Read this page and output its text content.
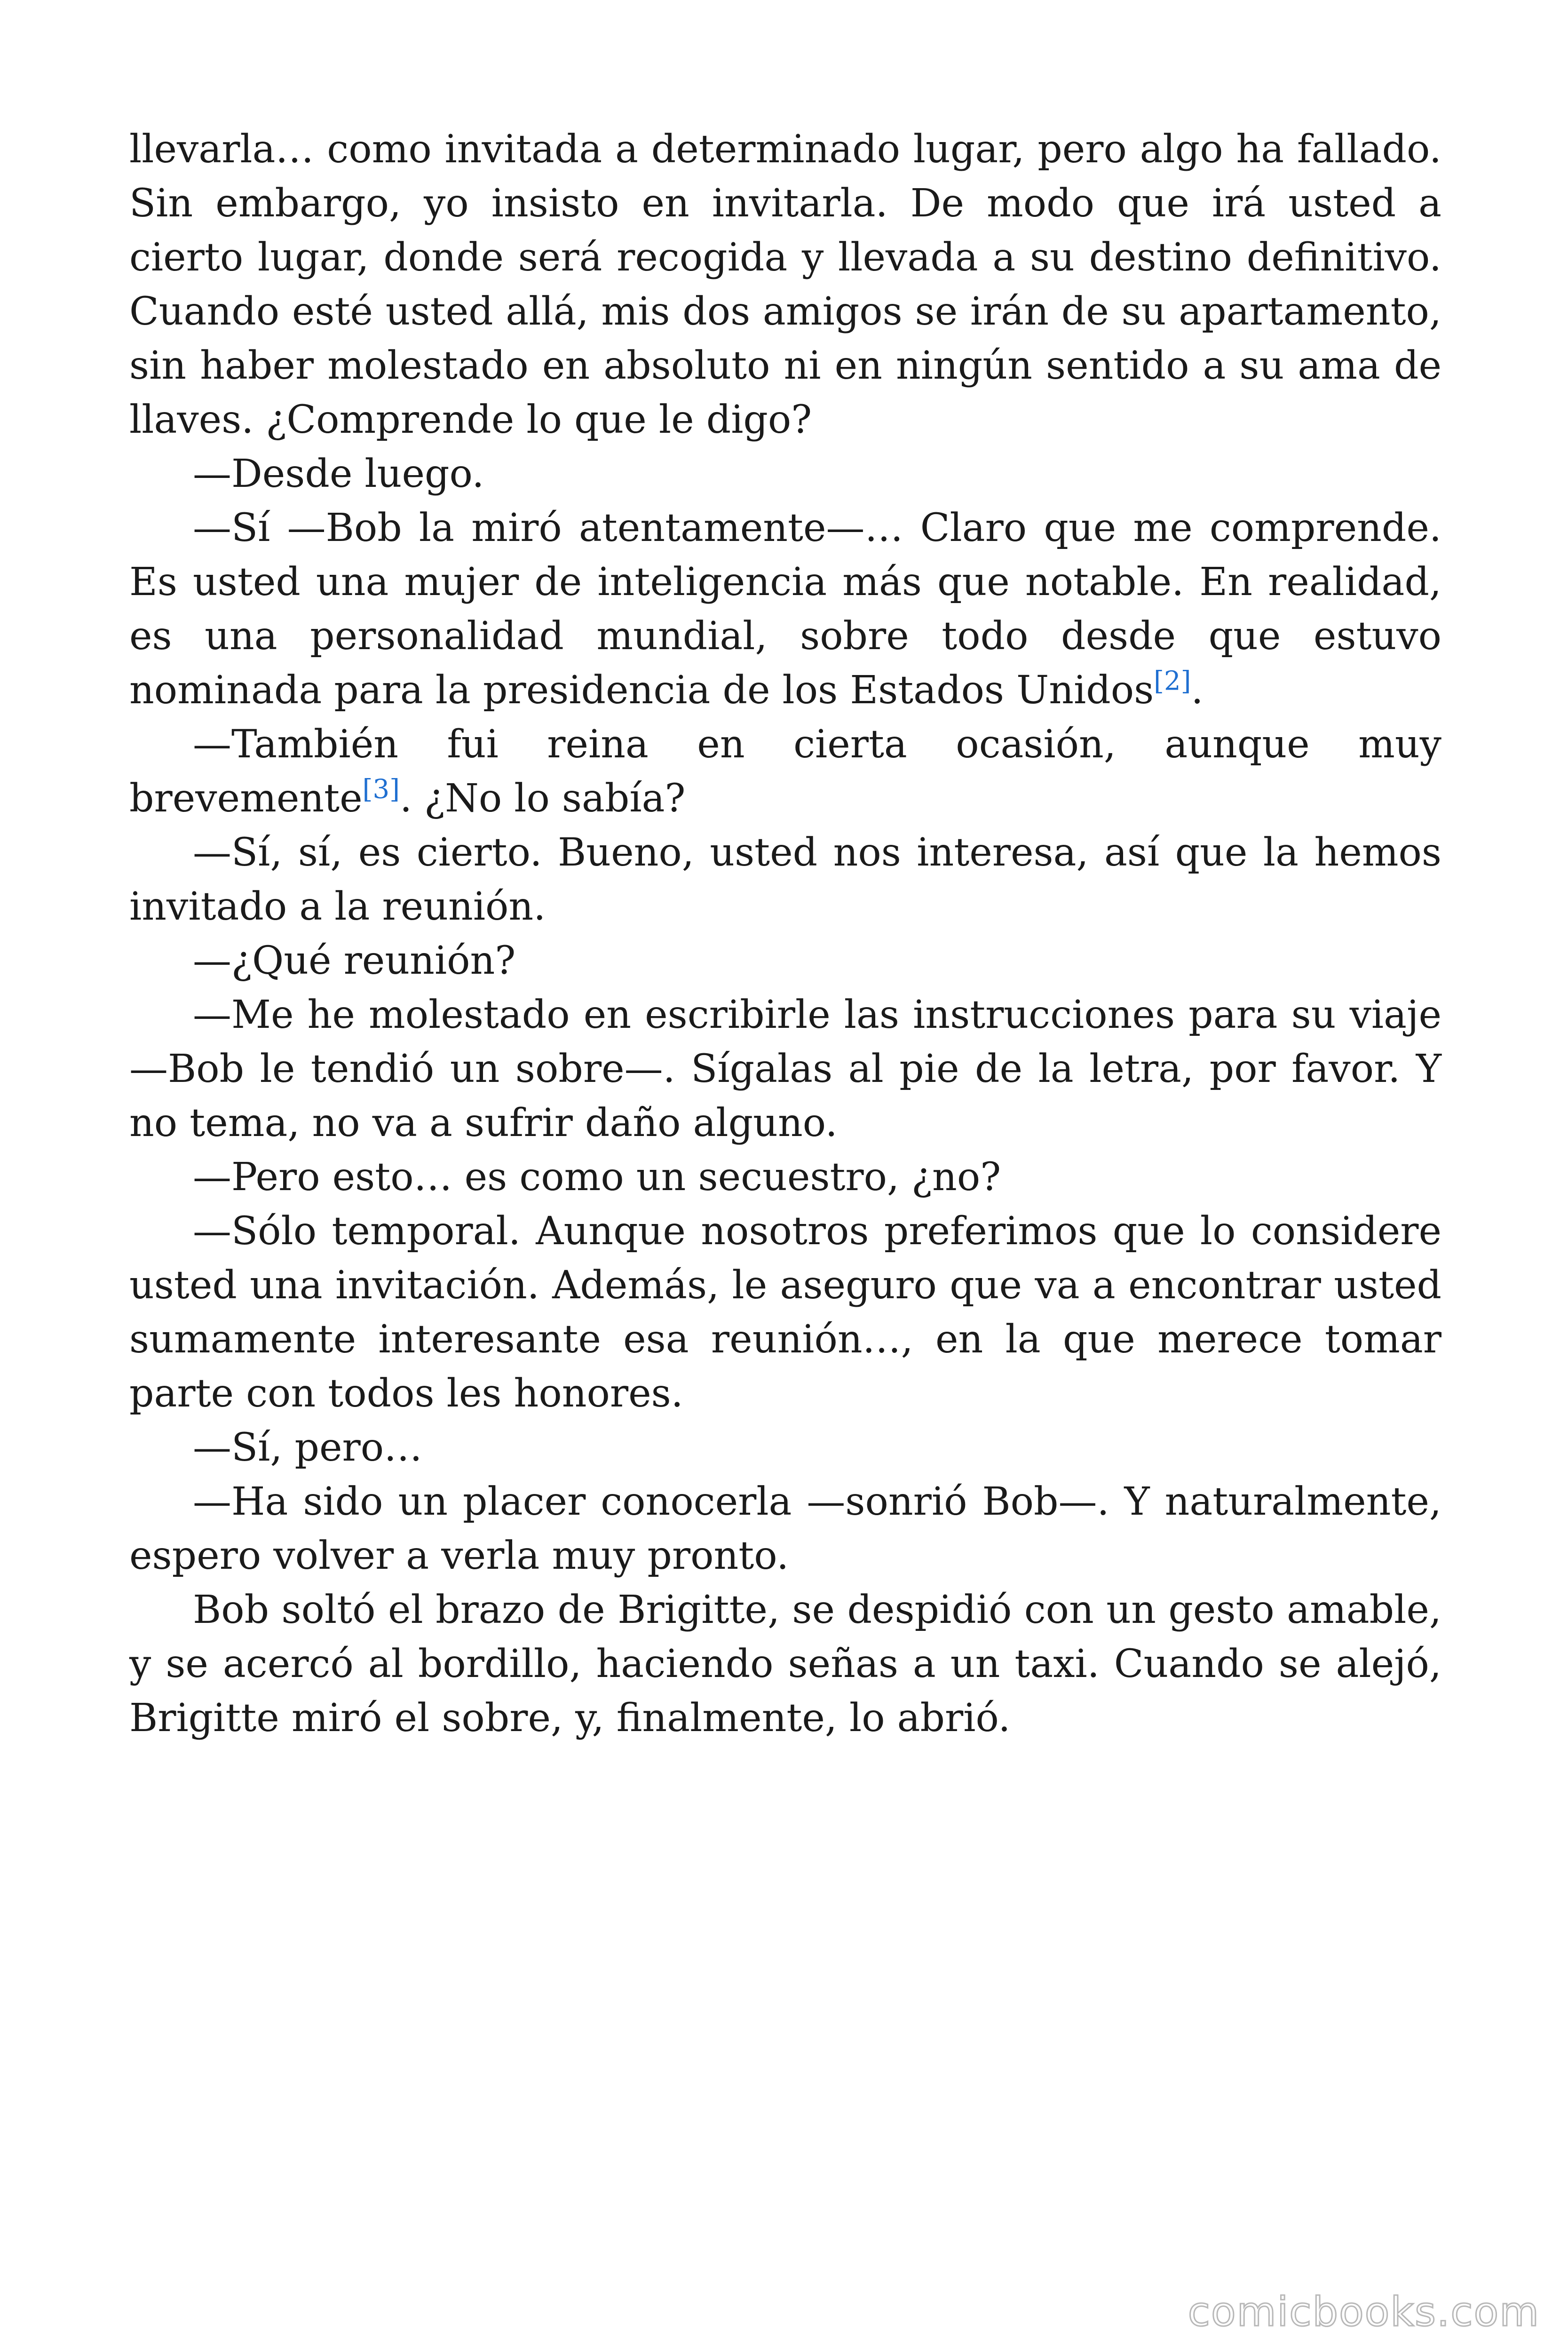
llevarla… como invitada a determinado lugar, pero algo ha fallado. Sin embargo, yo insisto en invitarla. De modo que irá usted a cierto lugar, donde será recogida y llevada a su destino definitivo. Cuando esté usted allá, mis dos amigos se irán de su apartamento, sin haber molestado en absoluto ni en ningún sentido a su ama de llaves. ¿Comprende lo que le digo?

—Desde luego.

—Sí —Bob la miró atentamente—… Claro que me comprende. Es usted una mujer de inteligencia más que notable. En realidad, es una personalidad mundial, sobre todo desde que estuvo nominada para la presidencia de los Estados Unidos[2].

—También fui reina en cierta ocasión, aunque muy brevemente[3]. ¿No lo sabía?

—Sí, sí, es cierto. Bueno, usted nos interesa, así que la hemos invitado a la reunión.

—¿Qué reunión?

—Me he molestado en escribirle las instrucciones para su viaje —Bob le tendió un sobre—. Sígalas al pie de la letra, por favor. Y no tema, no va a sufrir daño alguno.

—Pero esto… es como un secuestro, ¿no?

—Sólo temporal. Aunque nosotros preferimos que lo considere usted una invitación. Además, le aseguro que va a encontrar usted sumamente interesante esa reunión…, en la que merece tomar parte con todos les honores.

—Sí, pero…

—Ha sido un placer conocerla —sonrió Bob—. Y naturalmente, espero volver a verla muy pronto.

Bob soltó el brazo de Brigitte, se despidió con un gesto amable, y se acercó al bordillo, haciendo señas a un taxi. Cuando se alejó, Brigitte miró el sobre, y, finalmente, lo abrió.

comicbooks.com
